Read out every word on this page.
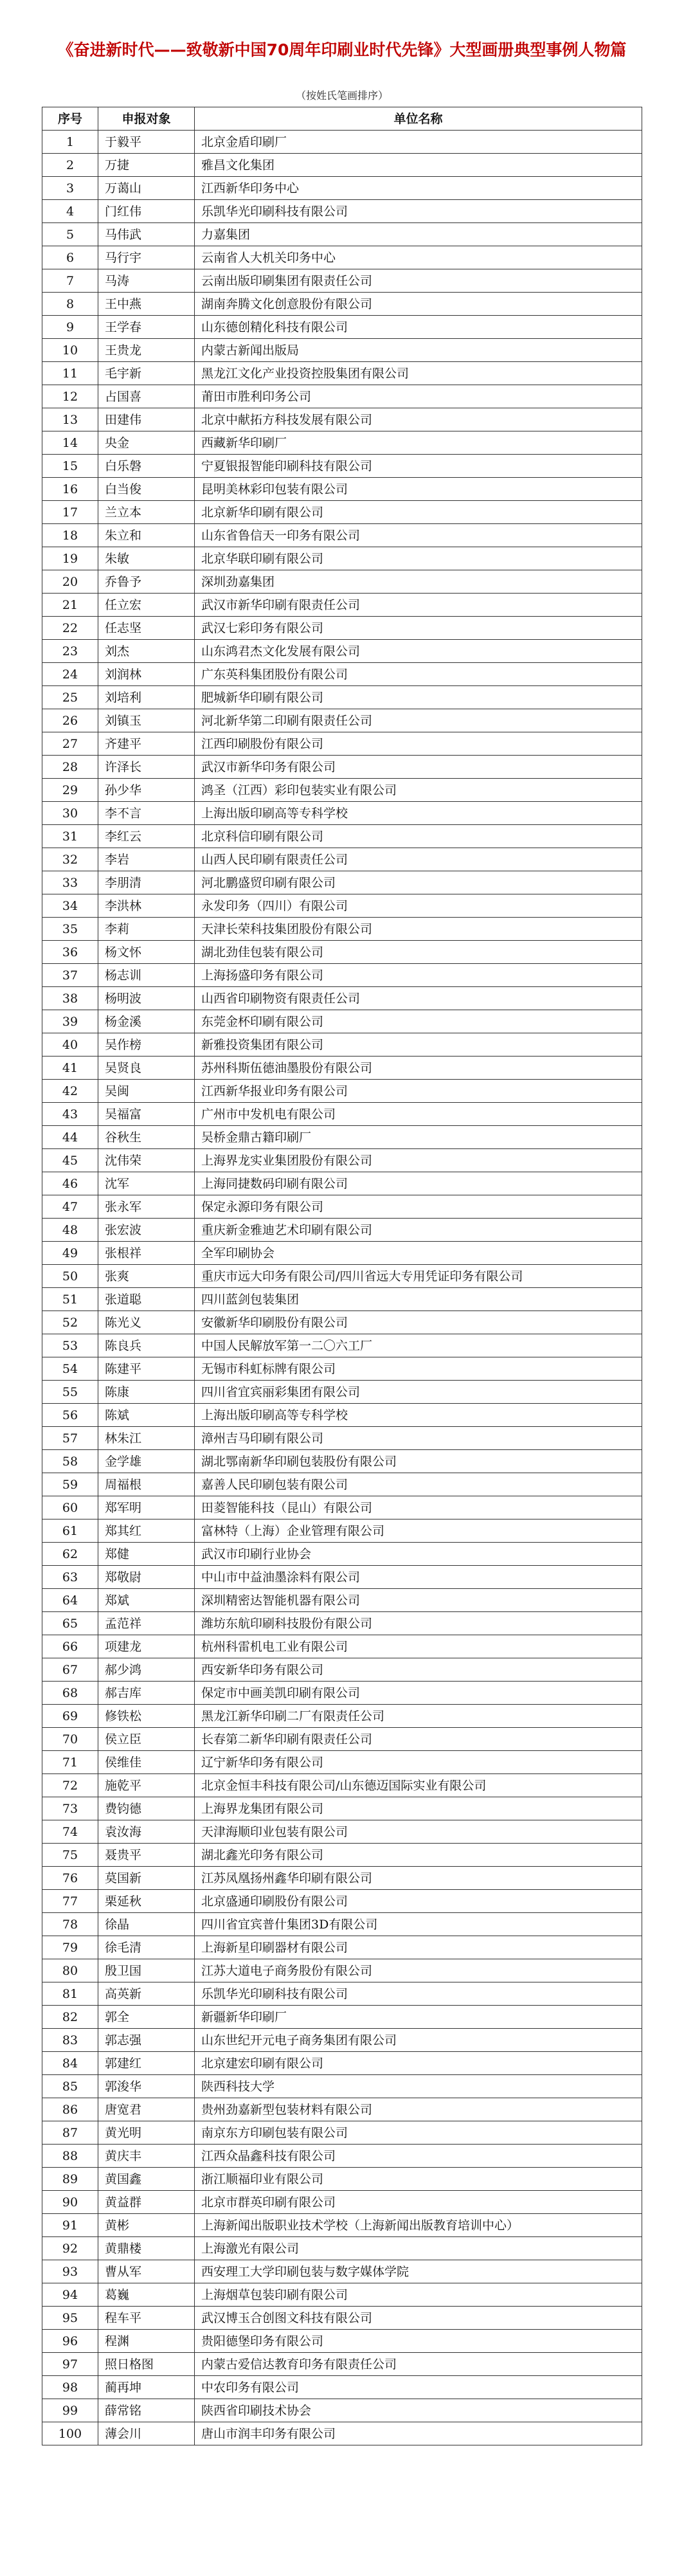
《奋进新时代——致敬新中国70周年印刷业时代先锋》大型画册典型事例人物篇
（按姓氏笔画排序）
序号	申报对象	单位名称
1	于毅平	北京金盾印刷厂
2	万捷	雅昌文化集团
3	万蔼山	江西新华印务中心
4	门红伟	乐凯华光印刷科技有限公司
5	马伟武	力嘉集团
6	马行宇	云南省人大机关印务中心
7	马涛	云南出版印刷集团有限责任公司
8	王中燕	湖南奔腾文化创意股份有限公司
9	王学春	山东德创精化科技有限公司
10	王贵龙	内蒙古新闻出版局
11	毛宇新	黑龙江文化产业投资控股集团有限公司
12	占国喜	莆田市胜利印务公司
13	田建伟	北京中献拓方科技发展有限公司
14	央金	西藏新华印刷厂
15	白乐磐	宁夏银报智能印刷科技有限公司
16	白当俊	昆明美林彩印包装有限公司
17	兰立本	北京新华印刷有限公司
18	朱立和	山东省鲁信天一印务有限公司
19	朱敏	北京华联印刷有限公司
20	乔鲁予	深圳劲嘉集团
21	任立宏	武汉市新华印刷有限责任公司
22	任志坚	武汉七彩印务有限公司
23	刘杰	山东鸿君杰文化发展有限公司
24	刘润林	广东英科集团股份有限公司
25	刘培利	肥城新华印刷有限公司
26	刘镇玉	河北新华第二印刷有限责任公司
27	齐建平	江西印刷股份有限公司
28	许泽长	武汉市新华印务有限公司
29	孙少华	鸿圣（江西）彩印包装实业有限公司
30	李不言	上海出版印刷高等专科学校
31	李红云	北京科信印刷有限公司
32	李岩	山西人民印刷有限责任公司
33	李朋清	河北鹏盛贸印刷有限公司
34	李洪林	永发印务（四川）有限公司
35	李莉	天津长荣科技集团股份有限公司
36	杨文怀	湖北劲佳包装有限公司
37	杨志训	上海扬盛印务有限公司
38	杨明波	山西省印刷物资有限责任公司
39	杨金溪	东莞金杯印刷有限公司
40	吴作榜	新雅投资集团有限公司
41	吴贤良	苏州科斯伍德油墨股份有限公司
42	吴闽	江西新华报业印务有限公司
43	吴福富	广州市中发机电有限公司
44	谷秋生	吴桥金鼎古籍印刷厂
45	沈伟荣	上海界龙实业集团股份有限公司
46	沈军	上海同捷数码印刷有限公司
47	张永军	保定永源印务有限公司
48	张宏波	重庆新金雅迪艺术印刷有限公司
49	张根祥	全军印刷协会
50	张爽	重庆市远大印务有限公司/四川省远大专用凭证印务有限公司
51	张道聪	四川蓝剑包装集团
52	陈光义	安徽新华印刷股份有限公司
53	陈良兵	中国人民解放军第一二〇六工厂
54	陈建平	无锡市科虹标牌有限公司
55	陈康	四川省宜宾丽彩集团有限公司
56	陈斌	上海出版印刷高等专科学校
57	林朱江	漳州吉马印刷有限公司
58	金学雄	湖北鄂南新华印刷包装股份有限公司
59	周福根	嘉善人民印刷包装有限公司
60	郑军明	田菱智能科技（昆山）有限公司
61	郑其红	富林特（上海）企业管理有限公司
62	郑健	武汉市印刷行业协会
63	郑敬尉	中山市中益油墨涂料有限公司
64	郑斌	深圳精密达智能机器有限公司
65	孟范祥	潍坊东航印刷科技股份有限公司
66	项建龙	杭州科雷机电工业有限公司
67	郝少鸿	西安新华印务有限公司
68	郝吉库	保定市中画美凯印刷有限公司
69	修铁松	黑龙江新华印刷二厂有限责任公司
70	侯立臣	长春第二新华印刷有限责任公司
71	侯维佳	辽宁新华印务有限公司
72	施乾平	北京金恒丰科技有限公司/山东德迈国际实业有限公司
73	费钧德	上海界龙集团有限公司
74	袁汝海	天津海顺印业包装有限公司
75	聂贵平	湖北鑫光印务有限公司
76	莫国新	江苏凤凰扬州鑫华印刷有限公司
77	栗延秋	北京盛通印刷股份有限公司
78	徐晶	四川省宜宾普什集团3D有限公司
79	徐毛清	上海新星印刷器材有限公司
80	殷卫国	江苏大道电子商务股份有限公司
81	高英新	乐凯华光印刷科技有限公司
82	郭全	新疆新华印刷厂
83	郭志强	山东世纪开元电子商务集团有限公司
84	郭建红	北京建宏印刷有限公司
85	郭浚华	陕西科技大学
86	唐宽君	贵州劲嘉新型包装材料有限公司
87	黄光明	南京东方印刷包装有限公司
88	黄庆丰	江西众晶鑫科技有限公司
89	黄国鑫	浙江顺福印业有限公司
90	黄益群	北京市群英印刷有限公司
91	黄彬	上海新闻出版职业技术学校（上海新闻出版教育培训中心）
92	黄鼎楼	上海激光有限公司
93	曹从军	西安理工大学印刷包装与数字媒体学院
94	葛巍	上海烟草包装印刷有限公司
95	程车平	武汉博玉合创图文科技有限公司
96	程渊	贵阳德堡印务有限公司
97	照日格图	内蒙古爱信达教育印务有限责任公司
98	蔺再坤	中农印务有限公司
99	薛常铭	陕西省印刷技术协会
100	薄会川	唐山市润丰印务有限公司
